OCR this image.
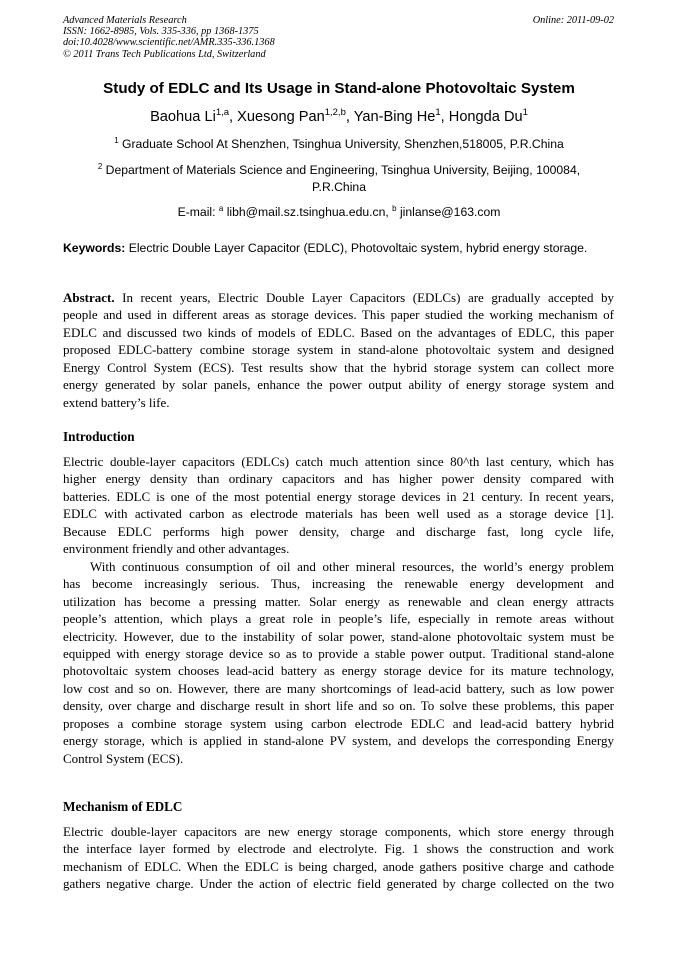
Advanced Materials Research
ISSN: 1662-8985, Vols. 335-336, pp 1368-1375
doi:10.4028/www.scientific.net/AMR.335-336.1368
© 2011 Trans Tech Publications Ltd, Switzerland
Online: 2011-09-02
Study of EDLC and Its Usage in Stand-alone Photovoltaic System
Baohua Li$^{1,a}$, Xuesong Pan$^{1,2,b}$, Yan-Bing He$^1$, Hongda Du$^1$
$^1$ Graduate School At Shenzhen, Tsinghua University, Shenzhen,518005, P.R.China
$^2$ Department of Materials Science and Engineering, Tsinghua University, Beijing, 100084,
P.R.China
E-mail: $^a$ libh@mail.sz.tsinghua.edu.cn, $^b$ jinlanse@163.com
Keywords: Electric Double Layer Capacitor (EDLC), Photovoltaic system, hybrid energy storage.
Abstract. In recent years, Electric Double Layer Capacitors (EDLCs) are gradually accepted by
people and used in different areas as storage devices. This paper studied the working mechanism of
EDLC and discussed two kinds of models of EDLC. Based on the advantages of EDLC, this paper
proposed EDLC-battery combine storage system in stand-alone photovoltaic system and designed
Energy Control System (ECS). Test results show that the hybrid storage system can collect more
energy generated by solar panels, enhance the power output ability of energy storage system and
extend battery’s life.
Introduction
Electric double-layer capacitors (EDLCs) catch much attention since 80^th last century, which has
higher energy density than ordinary capacitors and has higher power density compared with
batteries. EDLC is one of the most potential energy storage devices in 21 century. In recent years,
EDLC with activated carbon as electrode materials has been well used as a storage device [1].
Because EDLC performs high power density, charge and discharge fast, long cycle life,
environment friendly and other advantages.
With continuous consumption of oil and other mineral resources, the world’s energy problem
has become increasingly serious. Thus, increasing the renewable energy development and
utilization has become a pressing matter. Solar energy as renewable and clean energy attracts
people’s attention, which plays a great role in people’s life, especially in remote areas without
electricity. However, due to the instability of solar power, stand-alone photovoltaic system must be
equipped with energy storage device so as to provide a stable power output. Traditional stand-alone
photovoltaic system chooses lead-acid battery as energy storage device for its mature technology,
low cost and so on. However, there are many shortcomings of lead-acid battery, such as low power
density, over charge and discharge result in short life and so on. To solve these problems, this paper
proposes a combine storage system using carbon electrode EDLC and lead-acid battery hybrid
energy storage, which is applied in stand-alone PV system, and develops the corresponding Energy
Control System (ECS).
Mechanism of EDLC
Electric double-layer capacitors are new energy storage components, which store energy through
the interface layer formed by electrode and electrolyte. Fig. 1 shows the construction and work
mechanism of EDLC. When the EDLC is being charged, anode gathers positive charge and cathode
gathers negative charge. Under the action of electric field generated by charge collected on the two
